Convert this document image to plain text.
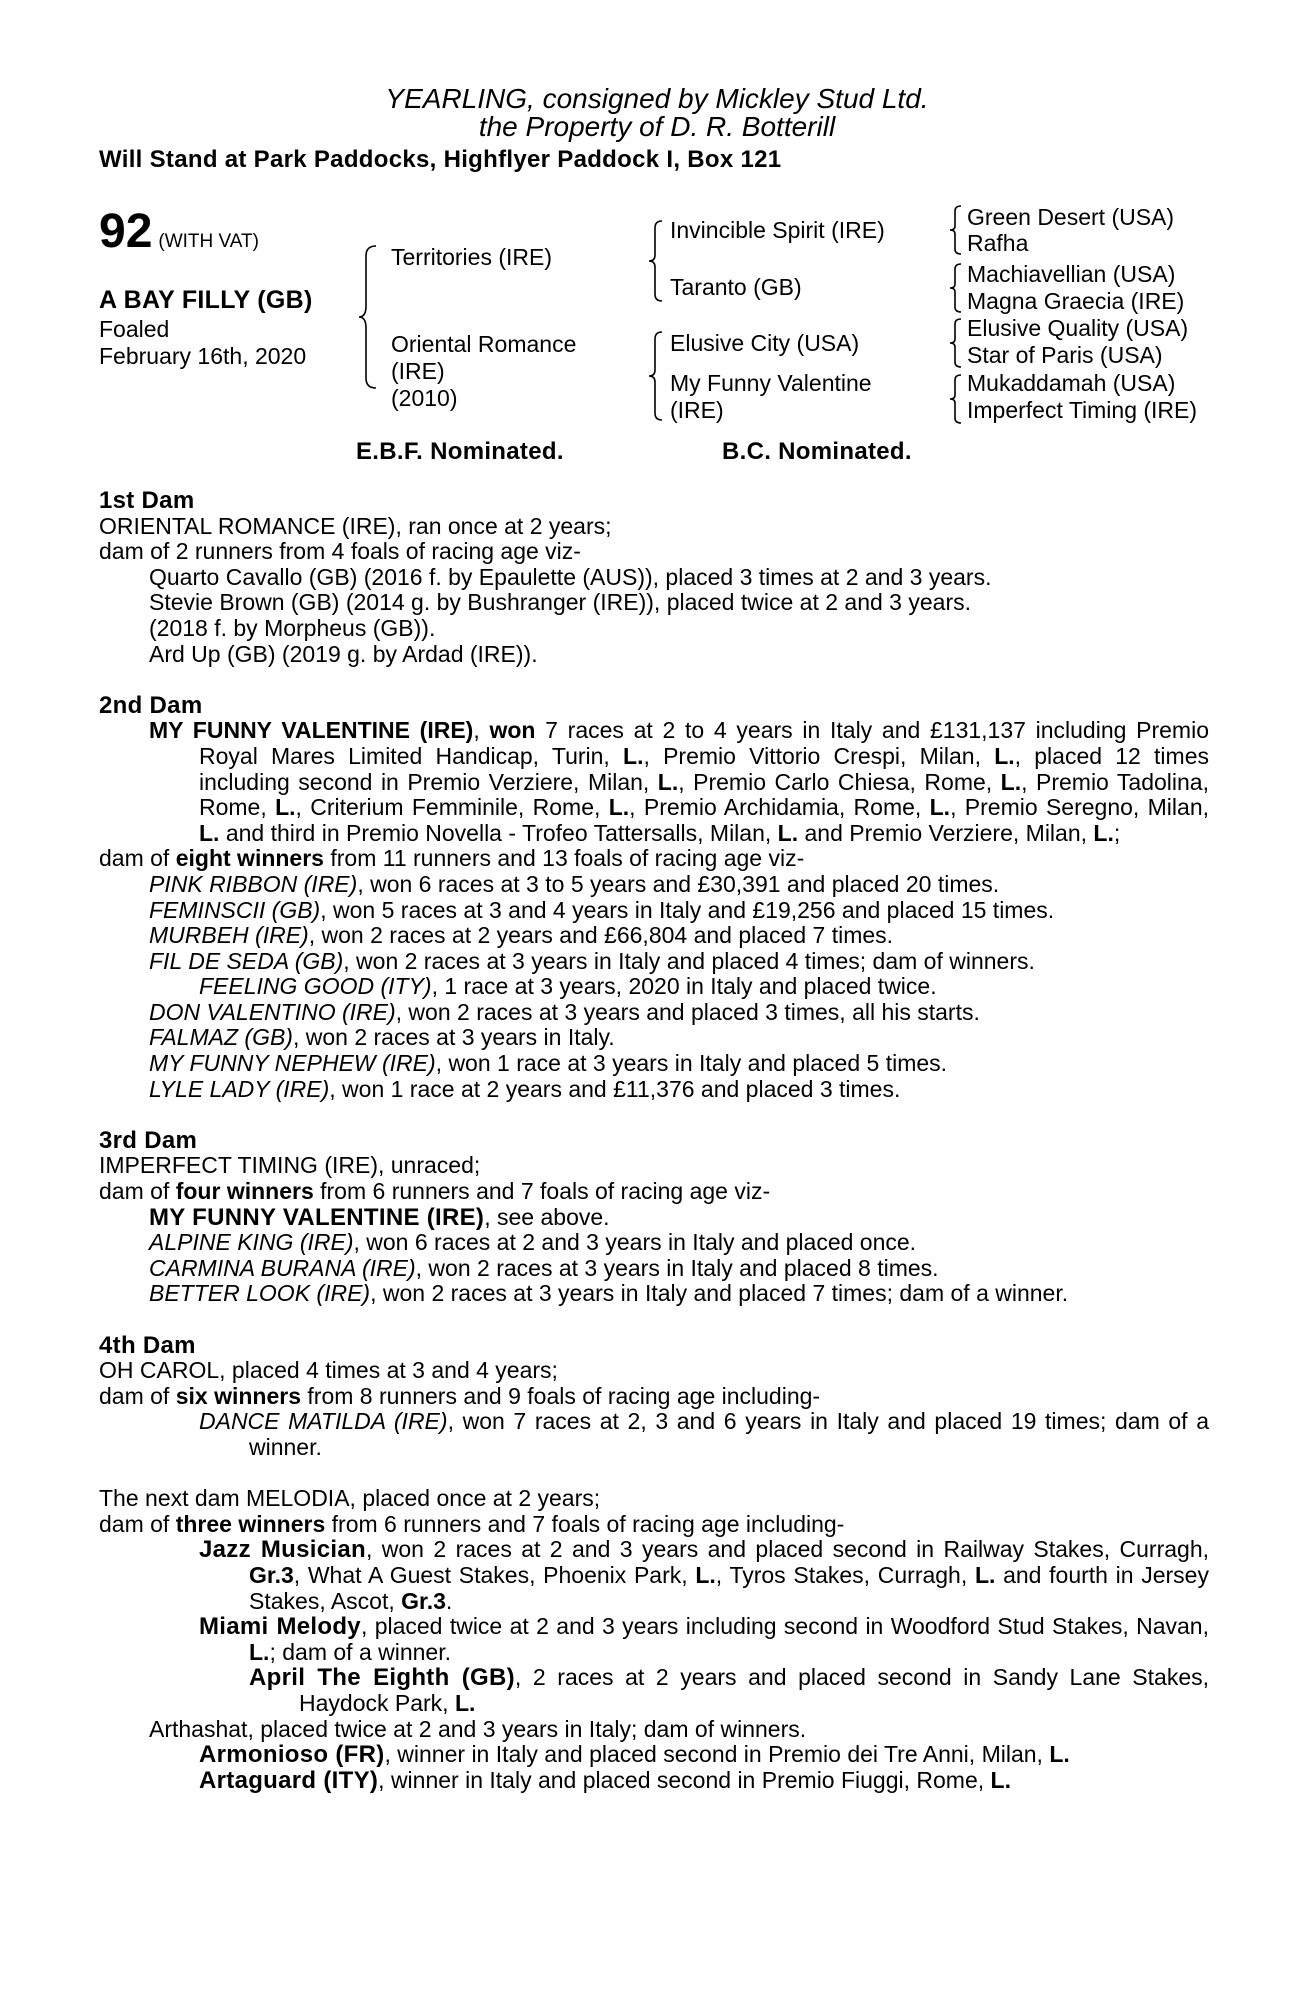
YEARLING, consigned by Mickley Stud Ltd.
the Property of D. R. Botterill
Will Stand at Park Paddocks, Highflyer Paddock I, Box 121
92 (WITH VAT)
A BAY FILLY (GB)
Foaled
February 16th, 2020
Territories (IRE)
Oriental Romance
(IRE)
(2010)
Invincible Spirit (IRE)
Taranto (GB)
Elusive City (USA)
My Funny Valentine
(IRE)
Green Desert (USA)
Rafha
Machiavellian (USA)
Magna Graecia (IRE)
Elusive Quality (USA)
Star of Paris (USA)
Mukaddamah (USA)
Imperfect Timing (IRE)
E.B.F. Nominated.	B.C. Nominated.
1st Dam
ORIENTAL ROMANCE (IRE), ran once at 2 years;
dam of 2 runners from 4 foals of racing age viz-
Quarto Cavallo (GB) (2016 f. by Epaulette (AUS)), placed 3 times at 2 and 3 years.
Stevie Brown (GB) (2014 g. by Bushranger (IRE)), placed twice at 2 and 3 years.
(2018 f. by Morpheus (GB)).
Ard Up (GB) (2019 g. by Ardad (IRE)).
2nd Dam
MY FUNNY VALENTINE (IRE), won 7 races at 2 to 4 years in Italy and £131,137 including Premio Royal Mares Limited Handicap, Turin, L., Premio Vittorio Crespi, Milan, L., placed 12 times including second in Premio Verziere, Milan, L., Premio Carlo Chiesa, Rome, L., Premio Tadolina, Rome, L., Criterium Femminile, Rome, L., Premio Archidamia, Rome, L., Premio Seregno, Milan, L. and third in Premio Novella - Trofeo Tattersalls, Milan, L. and Premio Verziere, Milan, L.;
dam of eight winners from 11 runners and 13 foals of racing age viz-
PINK RIBBON (IRE), won 6 races at 3 to 5 years and £30,391 and placed 20 times.
FEMINSCII (GB), won 5 races at 3 and 4 years in Italy and £19,256 and placed 15 times.
MURBEH (IRE), won 2 races at 2 years and £66,804 and placed 7 times.
FIL DE SEDA (GB), won 2 races at 3 years in Italy and placed 4 times; dam of winners.
FEELING GOOD (ITY), 1 race at 3 years, 2020 in Italy and placed twice.
DON VALENTINO (IRE), won 2 races at 3 years and placed 3 times, all his starts.
FALMAZ (GB), won 2 races at 3 years in Italy.
MY FUNNY NEPHEW (IRE), won 1 race at 3 years in Italy and placed 5 times.
LYLE LADY (IRE), won 1 race at 2 years and £11,376 and placed 3 times.
3rd Dam
IMPERFECT TIMING (IRE), unraced;
dam of four winners from 6 runners and 7 foals of racing age viz-
MY FUNNY VALENTINE (IRE), see above.
ALPINE KING (IRE), won 6 races at 2 and 3 years in Italy and placed once.
CARMINA BURANA (IRE), won 2 races at 3 years in Italy and placed 8 times.
BETTER LOOK (IRE), won 2 races at 3 years in Italy and placed 7 times; dam of a winner.
4th Dam
OH CAROL, placed 4 times at 3 and 4 years;
dam of six winners from 8 runners and 9 foals of racing age including-
DANCE MATILDA (IRE), won 7 races at 2, 3 and 6 years in Italy and placed 19 times; dam of a winner.
The next dam MELODIA, placed once at 2 years;
dam of three winners from 6 runners and 7 foals of racing age including-
Jazz Musician, won 2 races at 2 and 3 years and placed second in Railway Stakes, Curragh, Gr.3, What A Guest Stakes, Phoenix Park, L., Tyros Stakes, Curragh, L. and fourth in Jersey Stakes, Ascot, Gr.3.
Miami Melody, placed twice at 2 and 3 years including second in Woodford Stud Stakes, Navan, L.; dam of a winner.
April The Eighth (GB), 2 races at 2 years and placed second in Sandy Lane Stakes, Haydock Park, L.
Arthashat, placed twice at 2 and 3 years in Italy; dam of winners.
Armonioso (FR), winner in Italy and placed second in Premio dei Tre Anni, Milan, L.
Artaguard (ITY), winner in Italy and placed second in Premio Fiuggi, Rome, L.
